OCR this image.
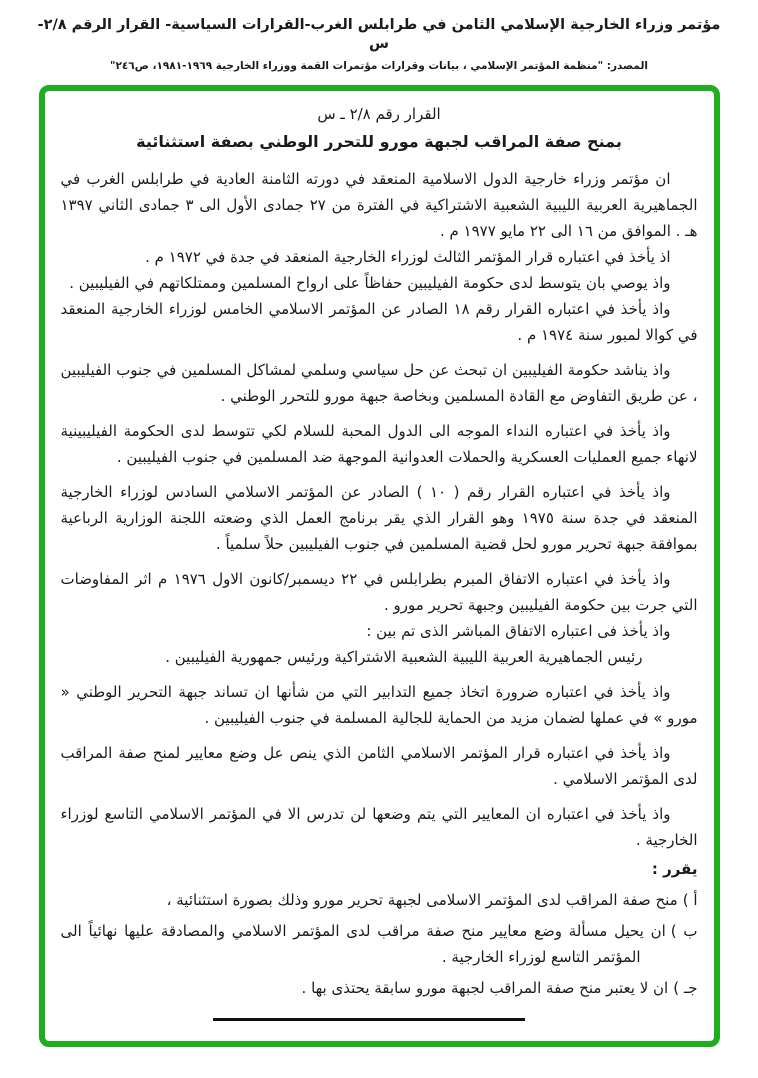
مؤتمر وزراء الخارجية الإسلامي الثامن في طرابلس الغرب-القرارات السياسية- القرار الرقم ٢/٨- س
المصدر: "منظمة المؤتمر الإسلامي ، بيانات وقرارات مؤتمرات القمة ووزراء الخارجية ١٩٦٩-١٩٨١، ص٢٤٦"
القرار رقم ٢/٨ ـ س
بمنح صفة المراقب لجبهة مورو للتحرر الوطني بصفة استثنائية

ان مؤتمر وزراء خارجية الدول الاسلامية المنعقد في دورته الثامنة العادية في طرابلس الغرب في الجماهيرية العربية الليبية الشعبية الاشتراكية في الفترة من ٢٧ جمادى الأول الى ٣ جمادى الثاني ١٣٩٧ هـ . الموافق من ١٦ الى ٢٢ مايو ١٩٧٧ م .

اذ يأخذ في اعتباره قرار المؤتمر الثالث لوزراء الخارجية المنعقد في جدة في ١٩٧٢ م .

واذ يوصي بان يتوسط لدى حكومة الفيليبين حفاظاً على ارواح المسلمين وممتلكاتهم في الفيليبين .

واذ يأخذ في اعتباره القرار رقم ١٨ الصادر عن المؤتمر الاسلامي الخامس لوزراء الخارجية المنعقد في كوالا لمبور سنة ١٩٧٤ م .

واذ يناشد حكومة الفيليبين ان تبحث عن حل سياسي وسلمي لمشاكل المسلمين في جنوب الفيليبين ، عن طريق التفاوض مع القادة المسلمين وبخاصة جبهة مورو للتحرر الوطني .

واذ يأخذ في اعتباره النداء الموجه الى الدول المحبة للسلام لكي تتوسط لدى الحكومة الفيليبينية لانهاء جميع العمليات العسكرية والحملات العدوانية الموجهة ضد المسلمين في جنوب الفيليبين .

واذ يأخذ في اعتباره القرار رقم ( ١٠ ) الصادر عن المؤتمر الاسلامي السادس لوزراء الخارجية المنعقد في جدة سنة ١٩٧٥ وهو القرار الذي يقر برنامج العمل الذي وضعته اللجنة الوزارية الرباعية بموافقة جبهة تحرير مورو لحل قضية المسلمين في جنوب الفيليبين حلاً سلمياً .

واذ يأخذ في اعتباره الاتفاق المبرم بطرابلس في ٢٢ ديسمبر/كانون الاول ١٩٧٦ م اثر المفاوضات التي جرت بين حكومة الفيليبين وجبهة تحرير مورو .

واذ يأخذ فى اعتباره الاتفاق المباشر الذى تم بين :

رئيس الجماهيرية العربية الليبية الشعبية الاشتراكية ورئيس جمهورية الفيليبين .

واذ يأخذ في اعتباره ضرورة اتخاذ جميع التدابير التي من شأنها ان تساند جبهة التحرير الوطني « مورو » في عملها لضمان مزيد من الحماية للجالية المسلمة في جنوب الفيليبين .

واذ يأخذ في اعتباره قرار المؤتمر الاسلامي الثامن الذي ينص عل وضع معايير لمنح صفة المراقب لدى المؤتمر الاسلامي .

واذ يأخذ في اعتباره ان المعايير التي يتم وضعها لن تدرس الا في المؤتمر الاسلامي التاسع لوزراء الخارجية .

يقرر :

أ )منح صفة المراقب لدى المؤتمر الاسلامى لجبهة تحرير مورو وذلك بصورة استثنائية ،
ب )ان يحيل مسألة وضع معايير منح صفة مراقب لدى المؤتمر الاسلامي والمصادقة عليها نهائياً الى المؤتمر التاسع لوزراء الخارجية .
جـ )ان لا يعتبر منح صفة المراقب لجبهة مورو سابقة يحتذى بها .
